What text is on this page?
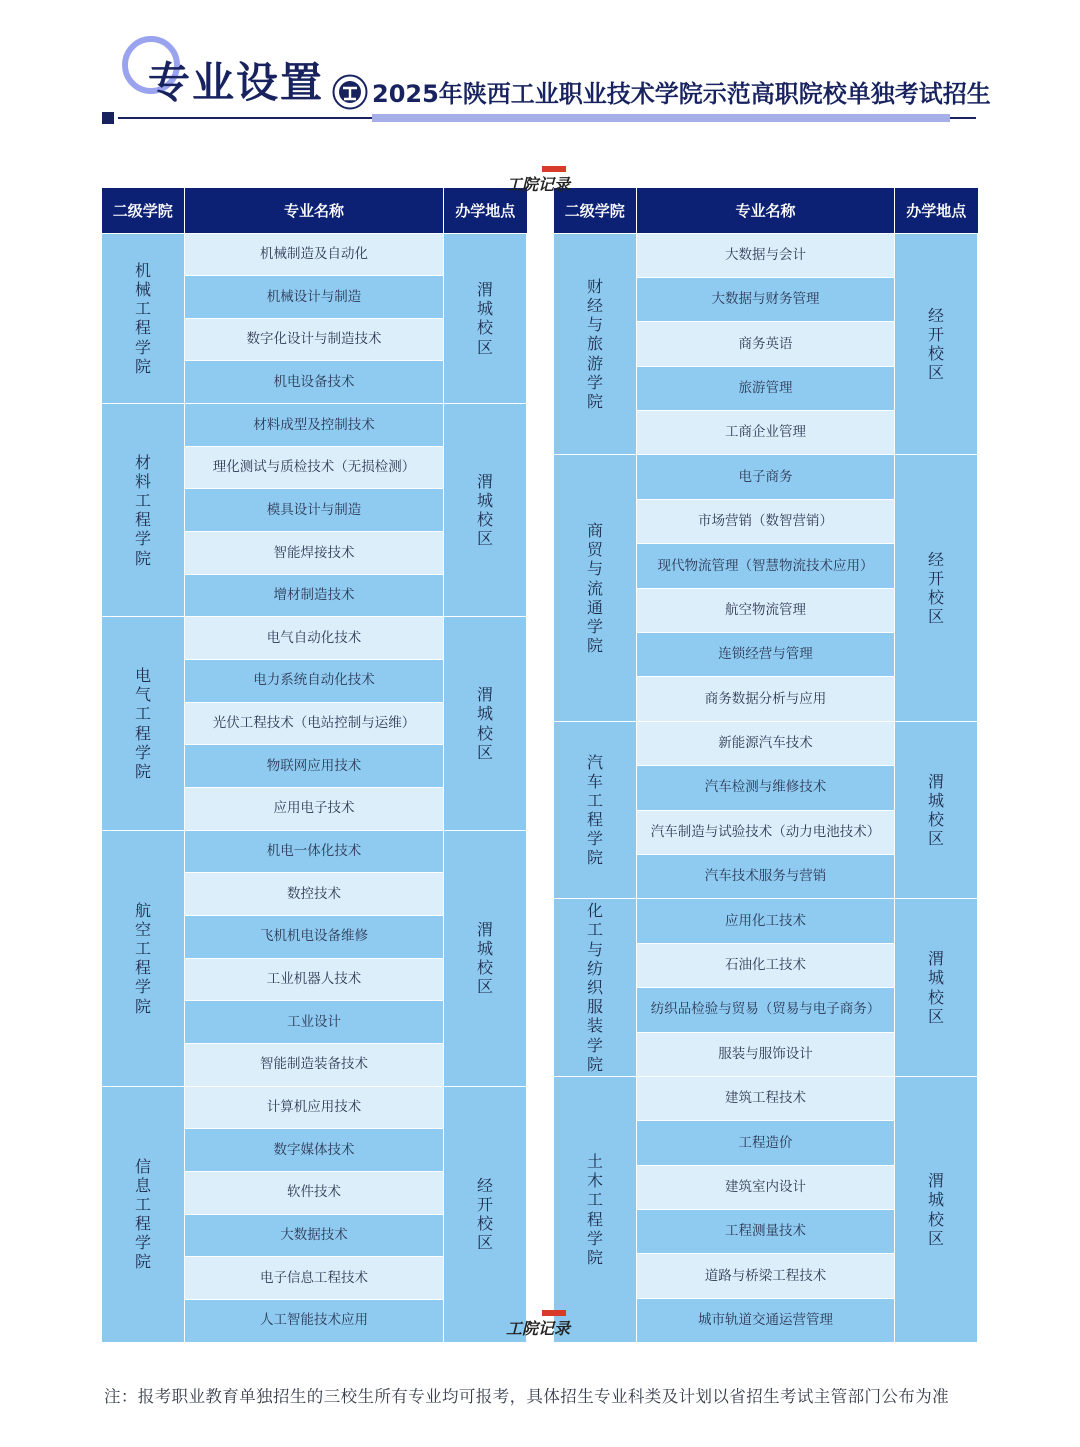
专业设置 2025年陕西工业职业技术学院示范高职院校单独考试招生
二级学院	专业名称	办学地点
机械工程学院	机械制造及自动化	渭城校区
	机械设计与制造	
	数字化设计与制造技术	
	机电设备技术	
材料工程学院	材料成型及控制技术	渭城校区
	理化测试与质检技术（无损检测）	
	模具设计与制造	
	智能焊接技术	
	增材制造技术	
电气工程学院	电气自动化技术	渭城校区
	电力系统自动化技术	
	光伏工程技术（电站控制与运维）	
	物联网应用技术	
	应用电子技术	
航空工程学院	机电一体化技术	渭城校区
	数控技术	
	飞机机电设备维修	
	工业机器人技术	
	工业设计	
	智能制造装备技术	
信息工程学院	计算机应用技术	经开校区
	数字媒体技术	
	软件技术	
	大数据技术	
	电子信息工程技术	
	人工智能技术应用	
二级学院	专业名称	办学地点
财经与旅游学院	大数据与会计	经开校区
	大数据与财务管理	
	商务英语	
	旅游管理	
	工商企业管理	
商贸与流通学院	电子商务	经开校区
	市场营销（数智营销）	
	现代物流管理（智慧物流技术应用）	
	航空物流管理	
	连锁经营与管理	
	商务数据分析与应用	
汽车工程学院	新能源汽车技术	渭城校区
	汽车检测与维修技术	
	汽车制造与试验技术（动力电池技术）	
	汽车技术服务与营销	
化工与纺织服装学院	应用化工技术	渭城校区
	石油化工技术	
	纺织品检验与贸易（贸易与电子商务）	
	服装与服饰设计	
土木工程学院	建筑工程技术	渭城校区
	工程造价	
	建筑室内设计	
	工程测量技术	
	道路与桥梁工程技术	
	城市轨道交通运营管理	
工院记录
工院记录
注：报考职业教育单独招生的三校生所有专业均可报考，具体招生专业科类及计划以省招生考试主管部门公布为准
